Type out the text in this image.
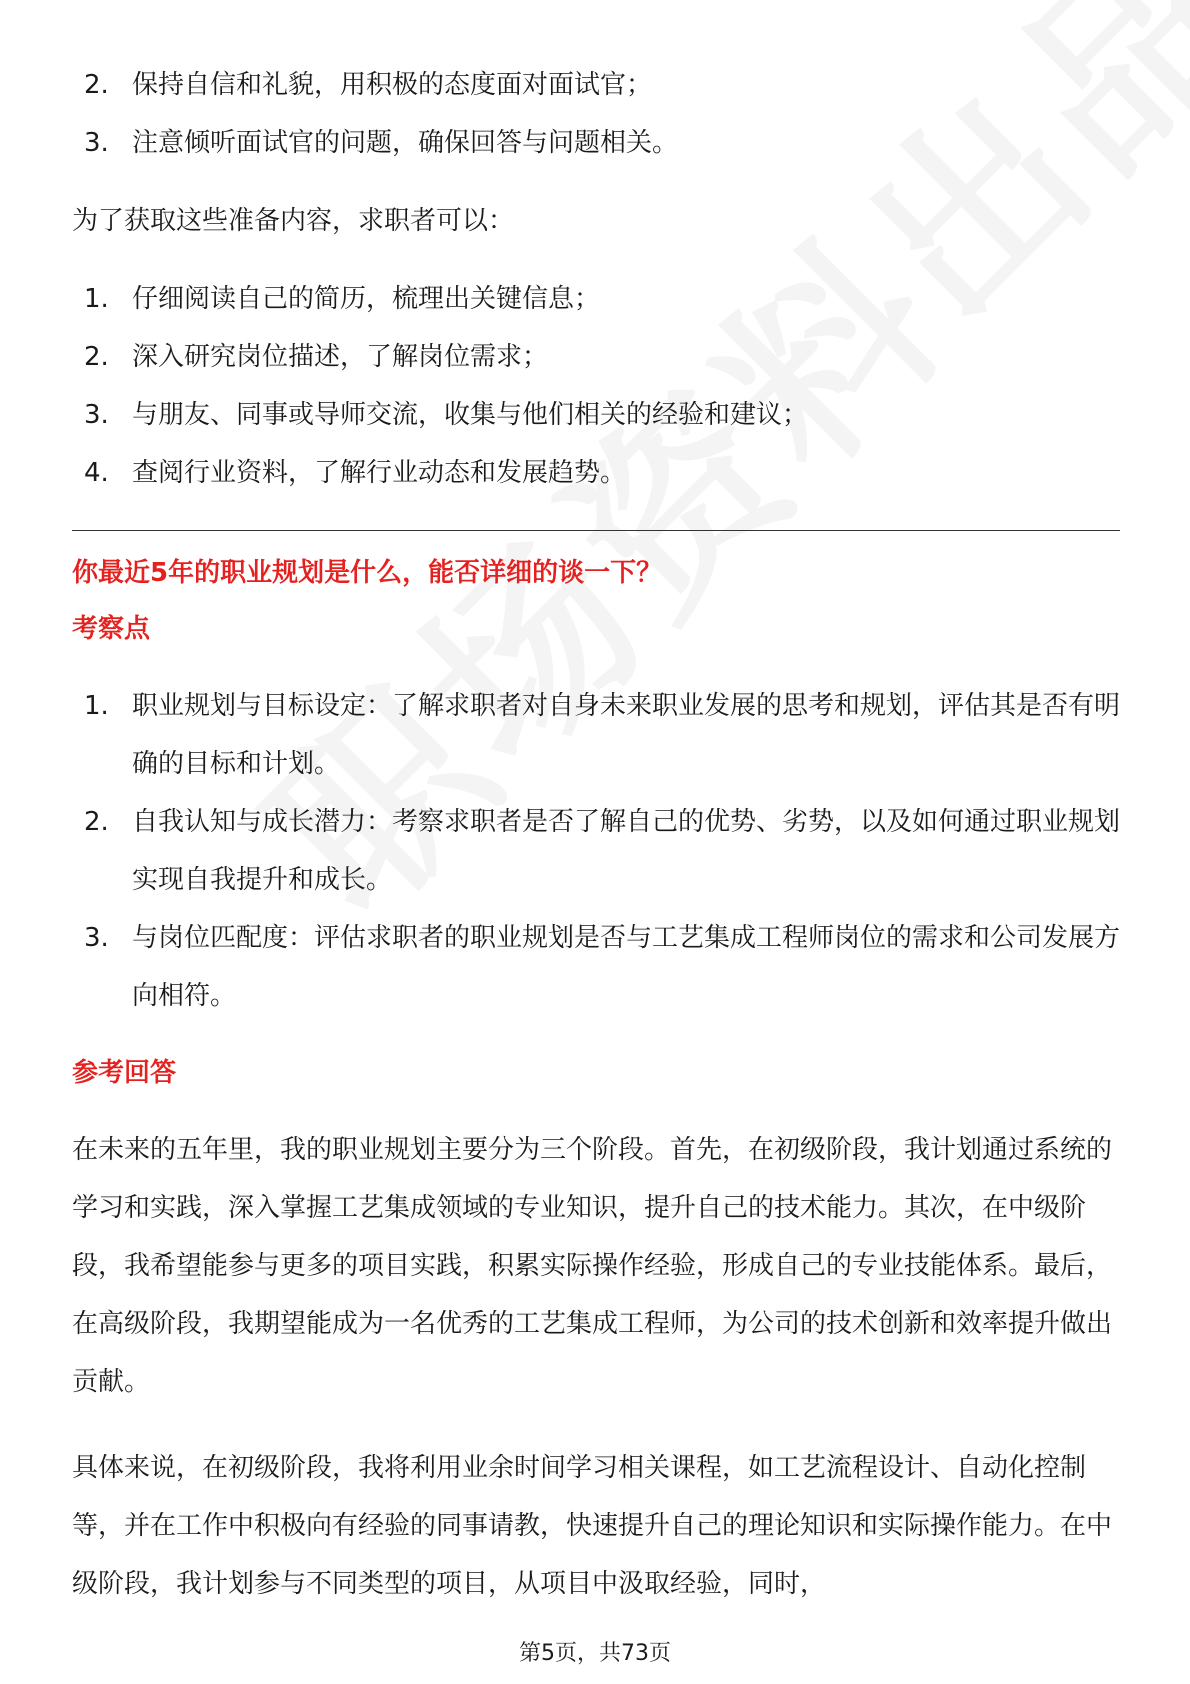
2. 保持自信和礼貌，用积极的态度面对面试官；
3. 注意倾听面试官的问题，确保回答与问题相关。

为了获取这些准备内容，求职者可以：

1. 仔细阅读自己的简历，梳理出关键信息；
2. 深入研究岗位描述，了解岗位需求；
3. 与朋友、同事或导师交流，收集与他们相关的经验和建议；
4. 查阅行业资料，了解行业动态和发展趋势。

你最近5年的职业规划是什么，能否详细的谈一下？

考察点

1. 职业规划与目标设定：了解求职者对自身未来职业发展的思考和规划，评估其是否有明确的目标和计划。
2. 自我认知与成长潜力：考察求职者是否了解自己的优势、劣势，以及如何通过职业规划实现自我提升和成长。
3. 与岗位匹配度：评估求职者的职业规划是否与工艺集成工程师岗位的需求和公司发展方向相符。

参考回答

在未来的五年里，我的职业规划主要分为三个阶段。首先，在初级阶段，我计划通过系统的学习和实践，深入掌握工艺集成领域的专业知识，提升自己的技术能力。其次，在中级阶段，我希望能参与更多的项目实践，积累实际操作经验，形成自己的专业技能体系。最后，在高级阶段，我期望能成为一名优秀的工艺集成工程师，为公司的技术创新和效率提升做出贡献。

具体来说，在初级阶段，我将利用业余时间学习相关课程，如工艺流程设计、自动化控制等，并在工作中积极向有经验的同事请教，快速提升自己的理论知识和实际操作能力。在中级阶段，我计划参与不同类型的项目，从项目中汲取经验，同时，

第5页，共73页
